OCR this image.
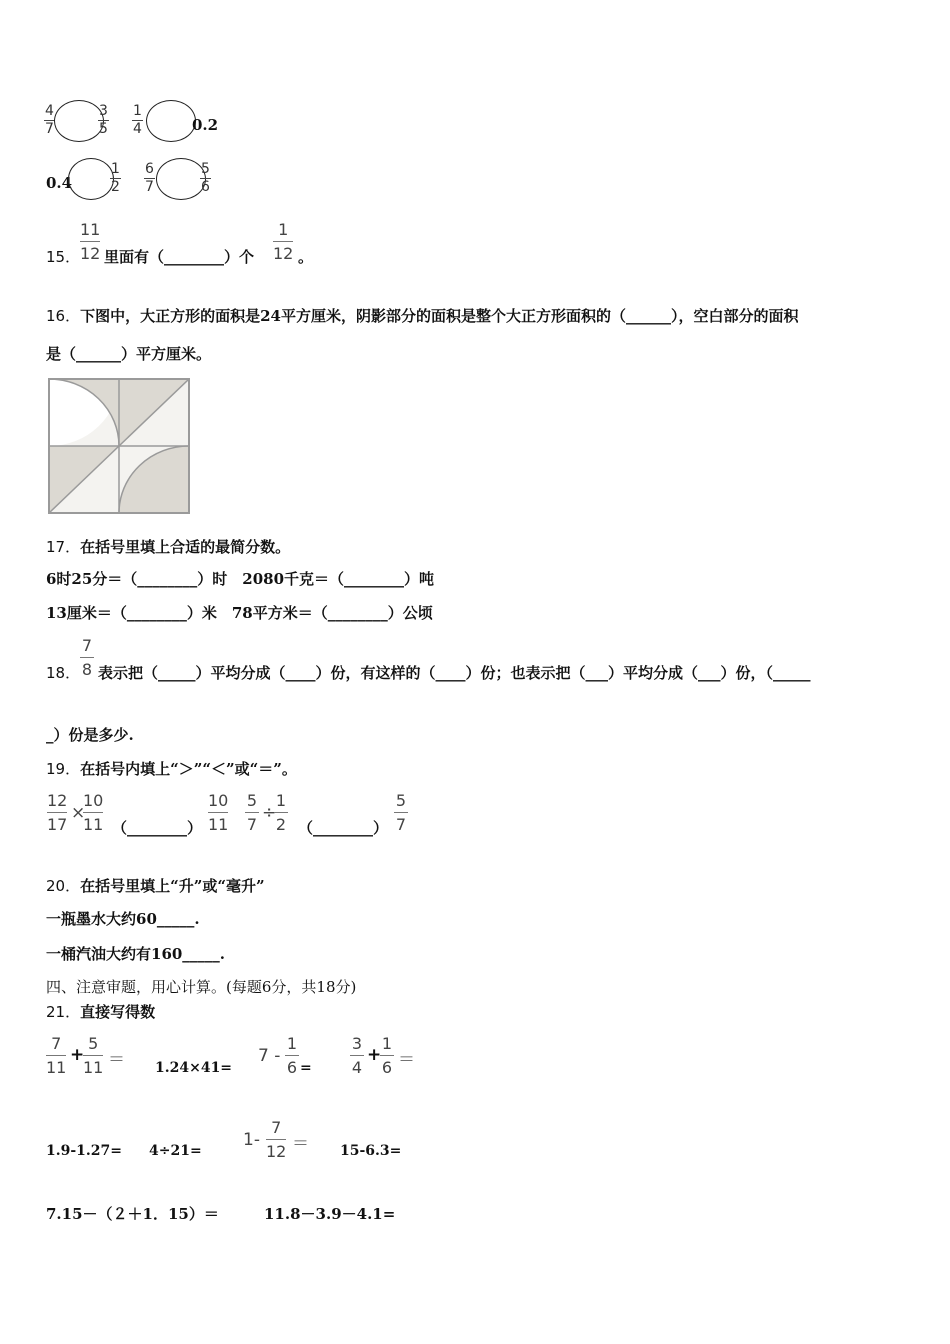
4
7
3
5
1
4	0.2
0.4
1
2
6
7
5
6
15．
11
12 里面有（________）个
1
12 。
16．下图中，大正方形的面积是24平方厘米，阴影部分的面积是整个大正方形面积的（______），空白部分的面积
是（______）平方厘米。
17．在括号里填上合适的最简分数。
6时25分＝（________）时　2080千克＝（________）吨
13厘米＝（________）米　78平方米＝（________）公顷
18．
7
8 表示把（_____）平均分成（____）份，有这样的（____）份；也表示把（___）平均分成（___）份，（_____
_）份是多少.
19．在括号内填上“＞”“＜”或“＝”。
12
17
×
10
11 （________）
10
11
5
7
÷
1
2 （________）
5
7
20．在括号里填上“升”或“毫升”
一瓶墨水大约60_____.
一桶汽油大约有160_____.
四、注意审题，用心计算。(每题6分，共18分)
21．直接写得数
7
11
+
5
11 ＝ 1.24×41=
7 -
1
6 =
3
4
+
1
6 ＝
1.9-1.27= 4÷21=
1-
7
12 ＝ 15-6.3=
7.15－（２＋1．15）＝	11.8－3.9－4.1=
